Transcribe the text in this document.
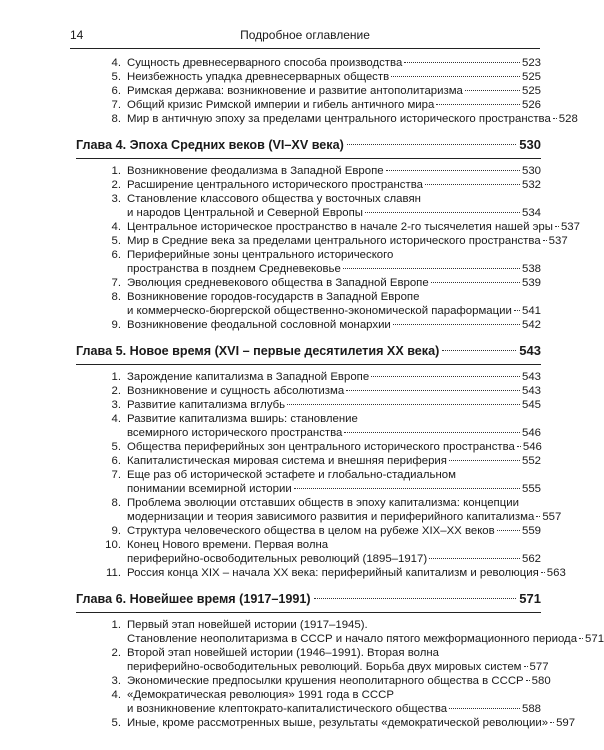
14	Подробное оглавление
4. Сущность древнесерварного способа производства	523
5. Неизбежность упадка древнесерварных обществ	525
6. Римская держава: возникновение и развитие антополитаризма	525
7. Общий кризис Римской империи и гибель античного мира	526
8. Мир в античную эпоху за пределами центрального исторического пространства 528
Глава 4. Эпоха Средних веков (VI–XV века)	530
1. Возникновение феодализма в Западной Европе	530
2. Расширение центрального исторического пространства	532
3. Становление классового общества у восточных славян
и народов Центральной и Северной Европы	534
4. Центральное историческое пространство в начале 2-го тысячелетия нашей эры 537
5. Мир в Средние века за пределами центрального исторического пространства 537
6. Периферийные зоны центрального исторического
пространства в позднем Средневековье	538
7. Эволюция средневекового общества в Западной Европе	539
8. Возникновение городов-государств в Западной Европе
и коммерческо-бюргерской общественно-экономической параформации 541
9. Возникновение феодальной сословной монархии	542
Глава 5. Новое время (XVI – первые десятилетия XX века)	543
1. Зарождение капитализма в Западной Европе	543
2. Возникновение и сущность абсолютизма	543
3. Развитие капитализма вглубь	545
4. Развитие капитализма вширь: становление
всемирного исторического пространства	546
5. Общества периферийных зон центрального исторического пространства 546
6. Капиталистическая мировая система и внешняя периферия	552
7. Еще раз об исторической эстафете и глобально-стадиальном
понимании всемирной истории	555
8. Проблема эволюции отставших обществ в эпоху капитализма: концепции
модернизации и теория зависимого развития и периферийного капитализма 557
9. Структура человеческого общества в целом на рубеже XIX–XX веков 559
10. Конец Нового времени. Первая волна
периферийно-освободительных революций (1895–1917)	562
11. Россия конца XIX – начала XX века: периферийный капитализм и революция 563
Глава 6. Новейшее время (1917–1991)	571
1. Первый этап новейшей истории (1917–1945).
Становление неополитаризма в СССР и начало пятого межформационного периода 571
2. Второй этап новейшей истории (1946–1991). Вторая волна
периферийно-освободительных революций. Борьба двух мировых систем 577
3. Экономические предпосылки крушения неополитарного общества в СССР 580
4. «Демократическая революция» 1991 года в СССР
и возникновение клептократо-капиталистического общества	588
5. Иные, кроме рассмотренных выше, результаты «демократической революции» 597
